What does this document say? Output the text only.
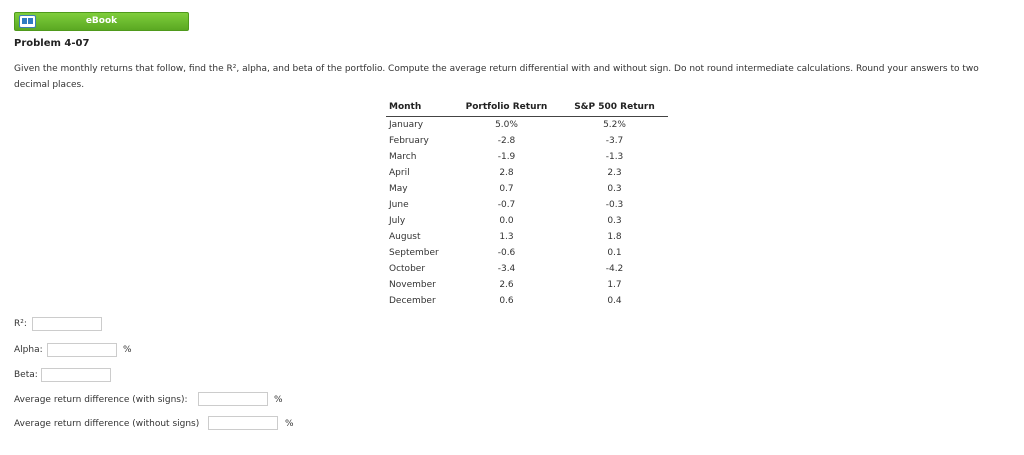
eBook
Problem 4-07
Given the monthly returns that follow, find the R², alpha, and beta of the portfolio. Compute the average return differential with and without sign. Do not round intermediate calculations. Round your answers to two decimal places.
Month	Portfolio Return	S&P 500 Return
January	5.0%	5.2%
February	-2.8	-3.7
March	-1.9	-1.3
April	2.8	2.3
May	0.7	0.3
June	-0.7	-0.3
July	0.0	0.3
August	1.3	1.8
September	-0.6	0.1
October	-3.4	-4.2
November	2.6	1.7
December	0.6	0.4
R²:
Alpha:	%
Beta:
Average return difference (with signs):	%
Average return difference (without signs)	%
